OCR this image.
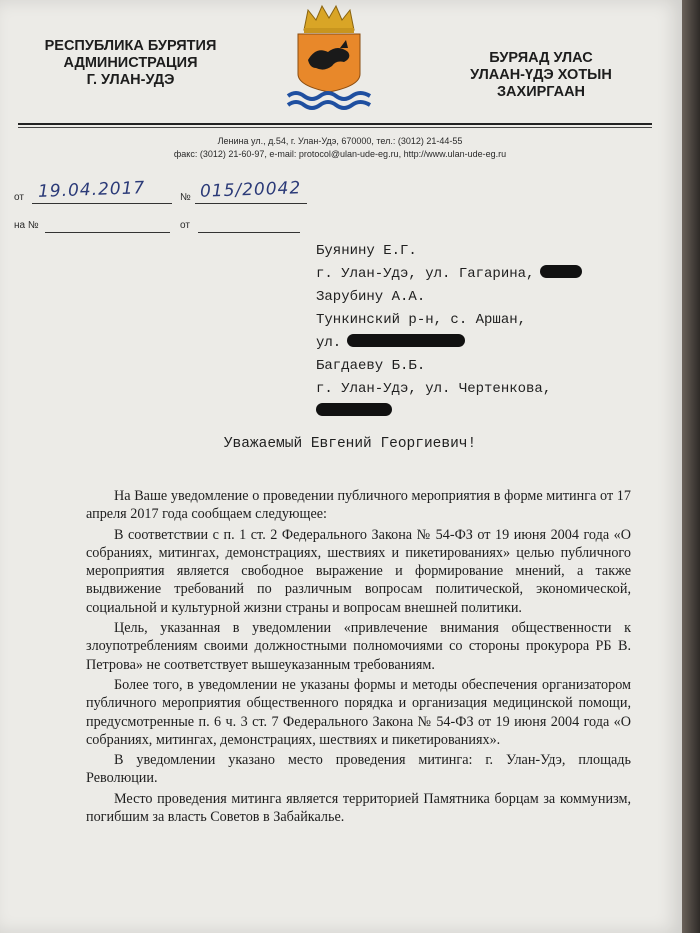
РЕСПУБЛИКА БУРЯТИЯ
АДМИНИСТРАЦИЯ
Г. УЛАН-УДЭ
БУРЯАД УЛАС
УЛААН-ҮДЭ ХОТЫН
ЗАХИРГААН
Ленина ул., д.54, г. Улан-Удэ, 670000, тел.: (3012) 21-44-55
факс: (3012) 21-60-97, e-mail: protocol@ulan-ude-eg.ru, http://www.ulan-ude-eg.ru
от 19.04.2017	№ 015/20042
на №	от
Буянину Е.Г.
г. Улан-Удэ, ул. Гагарина,
Зарубину А.А.
Тункинский р-н, с. Аршан,
ул.
Багдаеву Б.Б.
г. Улан-Удэ, ул. Чертенкова,
Уважаемый Евгений Георгиевич!

На Ваше уведомление о проведении публичного мероприятия в форме митинга от 17 апреля 2017 года сообщаем следующее:

В соответствии с п. 1 ст. 2 Федерального Закона № 54-ФЗ от 19 июня 2004 года «О собраниях, митингах, демонстрациях, шествиях и пикетированиях» целью публичного мероприятия является свободное выражение и формирование мнений, а также выдвижение требований по различным вопросам политической, экономической, социальной и культурной жизни страны и вопросам внешней политики.

Цель, указанная в уведомлении «привлечение внимания общественности к злоупотреблениям своими должностными полномочиями со стороны прокурора РБ В. Петрова» не соответствует вышеуказанным требованиям.

Более того, в уведомлении не указаны формы и методы обеспечения организатором публичного мероприятия общественного порядка и организация медицинской помощи, предусмотренные п. 6 ч. 3 ст. 7 Федерального Закона № 54-ФЗ от 19 июня 2004 года «О собраниях, митингах, демонстрациях, шествиях и пикетированиях».

В уведомлении указано место проведения митинга: г. Улан-Удэ, площадь Революции.

Место проведения митинга является территорией Памятника борцам за коммунизм, погибшим за власть Советов в Забайкалье.
